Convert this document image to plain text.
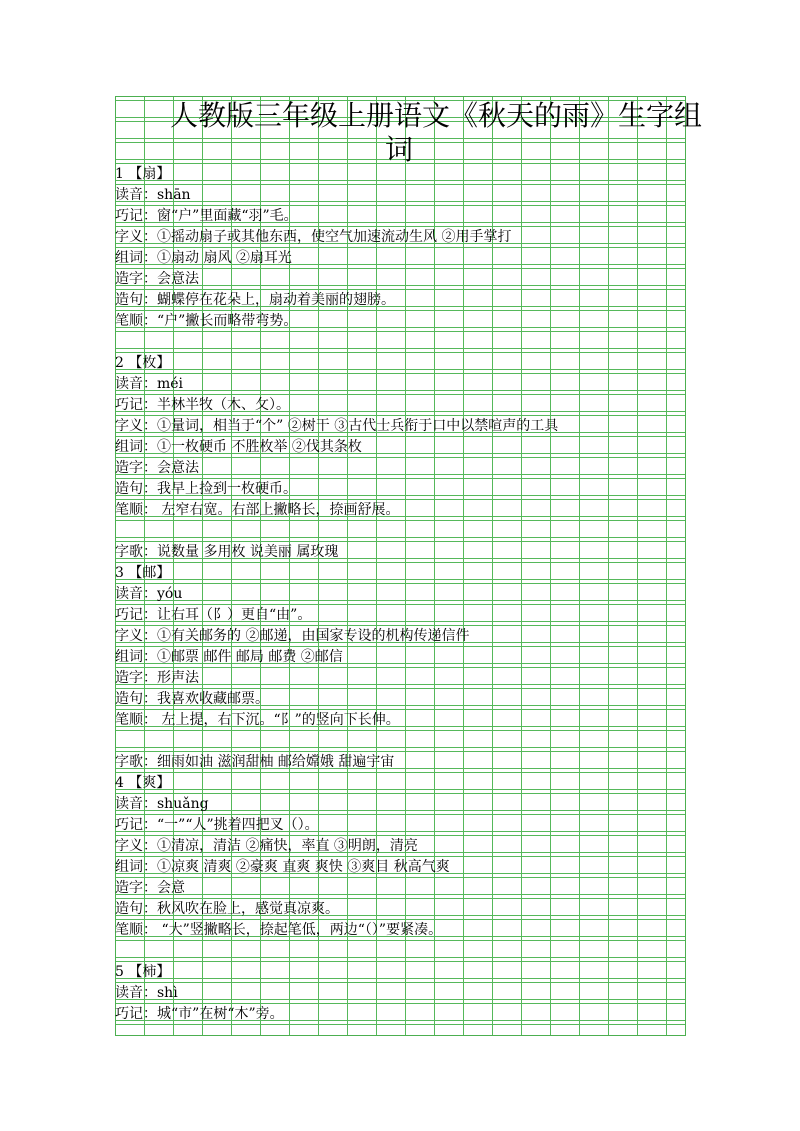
人教版三年级上册语文《秋天的雨》生字组
词
1 【扇】
读音：shān
巧记：窗“户”里面藏“羽”毛。
字义：①摇动扇子或其他东西，使空气加速流动生风 ②用手掌打
组词：①扇动 扇风 ②扇耳光
造字：会意法
造句：蝴蝶停在花朵上，扇动着美丽的翅膀。
笔顺：“户”撇长而略带弯势。
2 【枚】
读音：méi
巧记：半林半牧（木、攵）。
字义：①量词，相当于“个” ②树干 ③古代士兵衔于口中以禁喧声的工具
组词：①一枚硬币 不胜枚举 ②伐其条枚
造字：会意法
造句：我早上捡到一枚硬币。
笔顺： 左窄右宽。右部上撇略长，捺画舒展。
字歌：说数量 多用枚 说美丽 属玫瑰
3 【邮】
读音：yóu
巧记：让右耳（阝）更自“由”。
字义：①有关邮务的 ②邮递，由国家专设的机构传递信件
组词：①邮票 邮件 邮局 邮费 ②邮信
造字：形声法
造句：我喜欢收藏邮票。
笔顺： 左上提，右下沉。“阝”的竖向下长伸。
字歌：细雨如油 滋润甜柚 邮给嫦娥 甜遍宇宙
4 【爽】
读音：shuǎng
巧记：“一”“人”挑着四把叉（）。
字义：①清凉，清洁 ②痛快，率直 ③明朗，清亮
组词：①凉爽 清爽 ②豪爽 直爽 爽快 ③爽目 秋高气爽
造字：会意
造句：秋风吹在脸上，感觉真凉爽。
笔顺： “大”竖撇略长，捺起笔低，两边“（）”要紧凑。
5 【柿】
读音：shì
巧记：城“市”在树“木”旁。
